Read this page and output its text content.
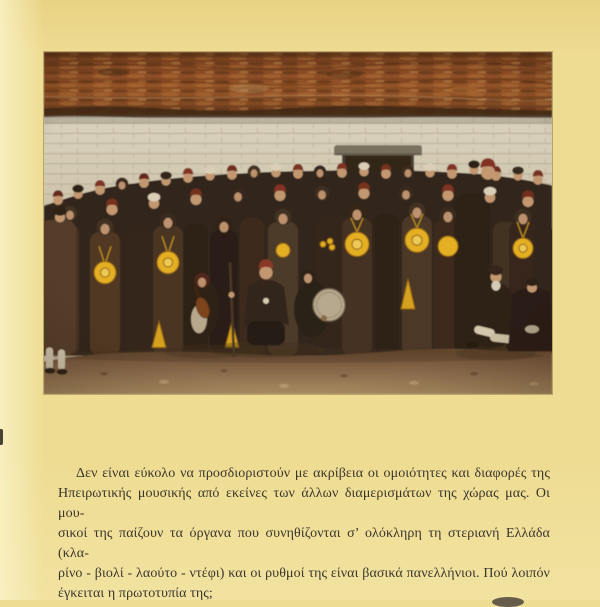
Δεν είναι εύκολο να προσδιοριστούν με ακρίβεια οι ομοιότητες και διαφορές της
Ηπειρωτικής μουσικής από εκείνες των άλλων διαμερισμάτων της χώρας μας. Οι μου-
σικοί της παίζουν τα όργανα που συνηθίζονται σ’ ολόκληρη τη στεριανή Ελλάδα (κλα-
ρίνο - βιολί - λαούτο - ντέφι) και οι ρυθμοί της είναι βασικά πανελλήνιοι. Πού λοιπόν
έγκειται η πρωτοτυπία της;
